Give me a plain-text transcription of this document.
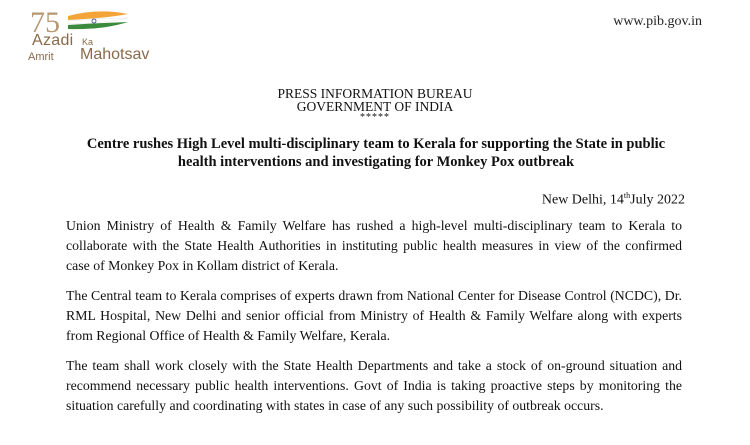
75
Azadi Ka
Amrit Mahotsav
www.pib.gov.in
PRESS INFORMATION BUREAU
GOVERNMENT OF INDIA
*****
Centre rushes High Level multi-disciplinary team to Kerala for supporting the State in public health interventions and investigating for Monkey Pox outbreak
New Delhi, 14thJuly 2022
Union Ministry of Health & Family Welfare has rushed a high-level multi-disciplinary team to Kerala to collaborate with the State Health Authorities in instituting public health measures in view of the confirmed case of Monkey Pox in Kollam district of Kerala.
The Central team to Kerala comprises of experts drawn from National Center for Disease Control (NCDC), Dr. RML Hospital, New Delhi and senior official from Ministry of Health & Family Welfare along with experts from Regional Office of Health & Family Welfare, Kerala.
The team shall work closely with the State Health Departments and take a stock of on-ground situation and recommend necessary public health interventions. Govt of India is taking proactive steps by monitoring the situation carefully and coordinating with states in case of any such possibility of outbreak occurs.
